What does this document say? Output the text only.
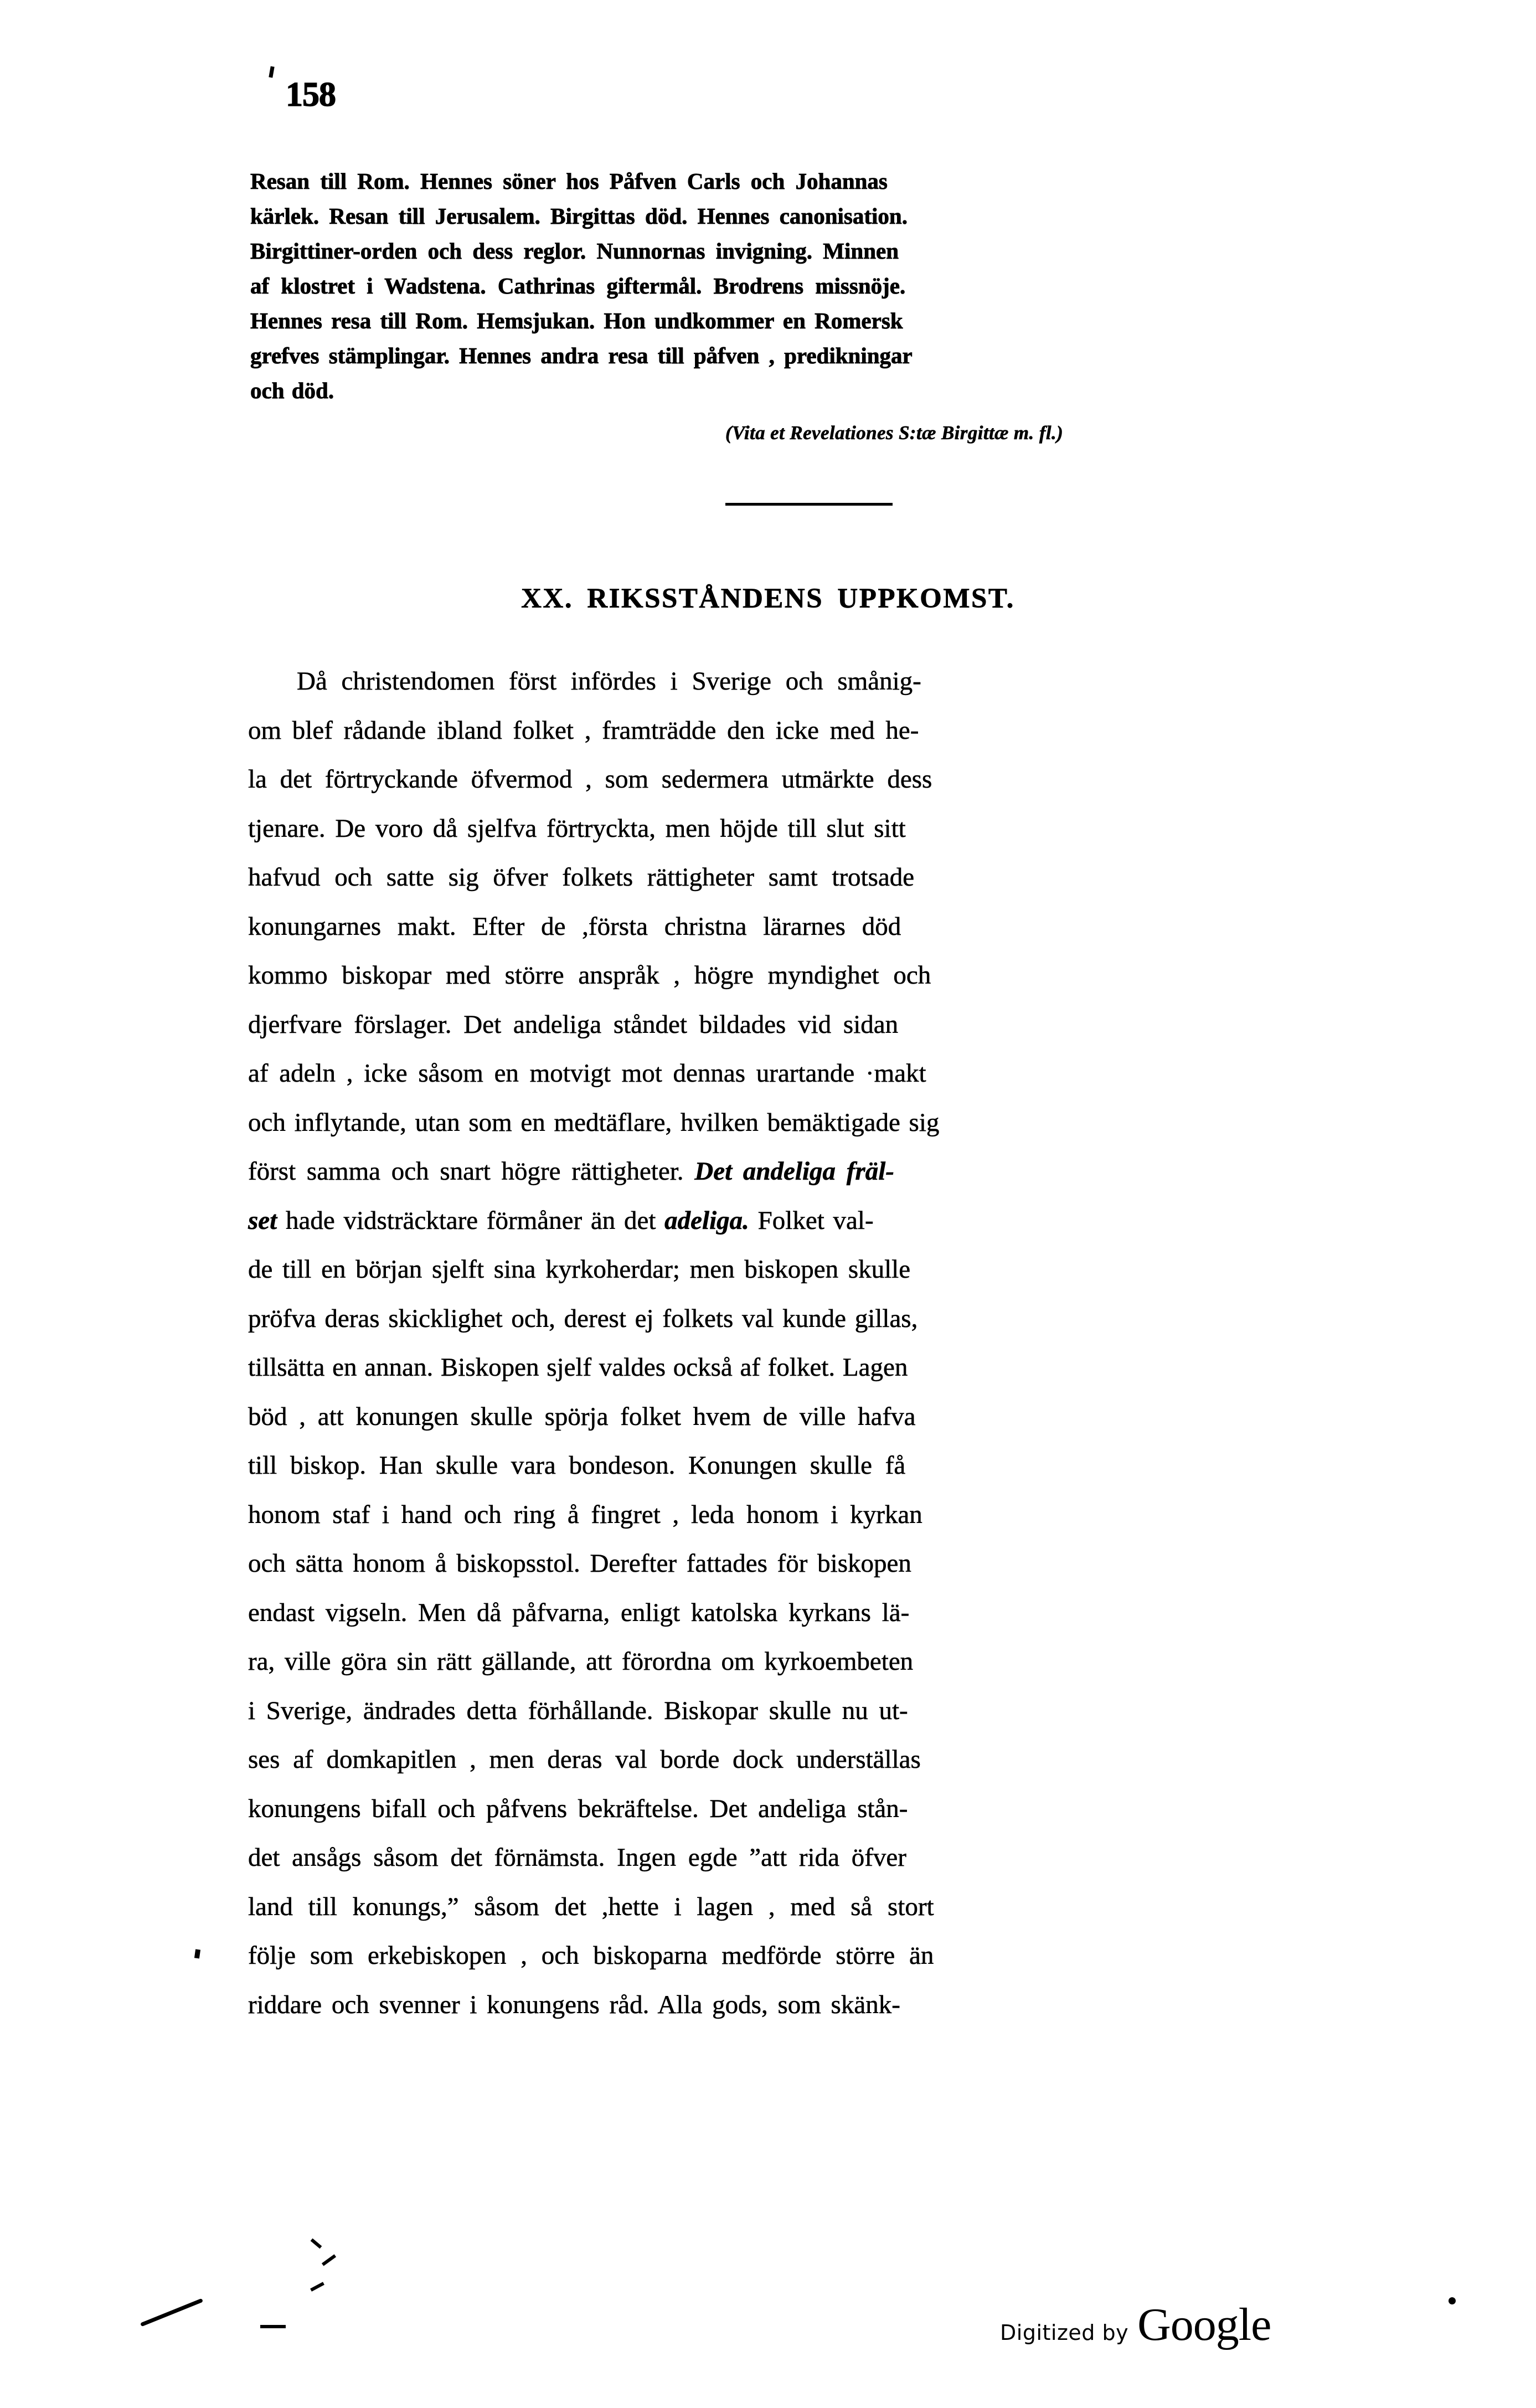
158
Resan till Rom. Hennes söner hos Påfven Carls och Johannas
kärlek. Resan till Jerusalem. Birgittas död. Hennes canonisation.
Birgittiner-orden och dess reglor. Nunnornas invigning. Minnen
af klostret i Wadstena. Cathrinas giftermål. Brodrens missnöje.
Hennes resa till Rom. Hemsjukan. Hon undkommer en Romersk
grefves stämplingar. Hennes andra resa till påfven , predikningar
och död.
(Vita et Revelationes S:tæ Birgittæ m. fl.)
XX. RIKSSTÅNDENS UPPKOMST.
Då christendomen först infördes i Sverige och smånig-
om blef rådande ibland folket , framträdde den icke med he-
la det förtryckande öfvermod , som sedermera utmärkte dess
tjenare. De voro då sjelfva förtryckta, men höjde till slut sitt
hafvud och satte sig öfver folkets rättigheter samt trotsade
konungarnes makt. Efter de ,första christna lärarnes död
kommo biskopar med större anspråk , högre myndighet och
djerfvare förslager. Det andeliga ståndet bildades vid sidan
af adeln , icke såsom en motvigt mot dennas urartande ·makt
och inflytande, utan som en medtäflare, hvilken bemäktigade sig
först samma och snart högre rättigheter. Det andeliga fräl-
set hade vidsträcktare förmåner än det adeliga. Folket val-
de till en början sjelft sina kyrkoherdar; men biskopen skulle
pröfva deras skicklighet och, derest ej folkets val kunde gillas,
tillsätta en annan. Biskopen sjelf valdes också af folket. Lagen
böd , att konungen skulle spörja folket hvem de ville hafva
till biskop. Han skulle vara bondeson. Konungen skulle få
honom staf i hand och ring å fingret , leda honom i kyrkan
och sätta honom å biskopsstol. Derefter fattades för biskopen
endast vigseln. Men då påfvarna, enligt katolska kyrkans lä-
ra, ville göra sin rätt gällande, att förordna om kyrkoembeten
i Sverige, ändrades detta förhållande. Biskopar skulle nu ut-
ses af domkapitlen , men deras val borde dock underställas
konungens bifall och påfvens bekräftelse. Det andeliga stån-
det ansågs såsom det förnämsta. Ingen egde ”att rida öfver
land till konungs,” såsom det ,hette i lagen , med så stort
följe som erkebiskopen , och biskoparna medförde större än
riddare och svenner i konungens råd. Alla gods, som skänk-
Digitized by Google
